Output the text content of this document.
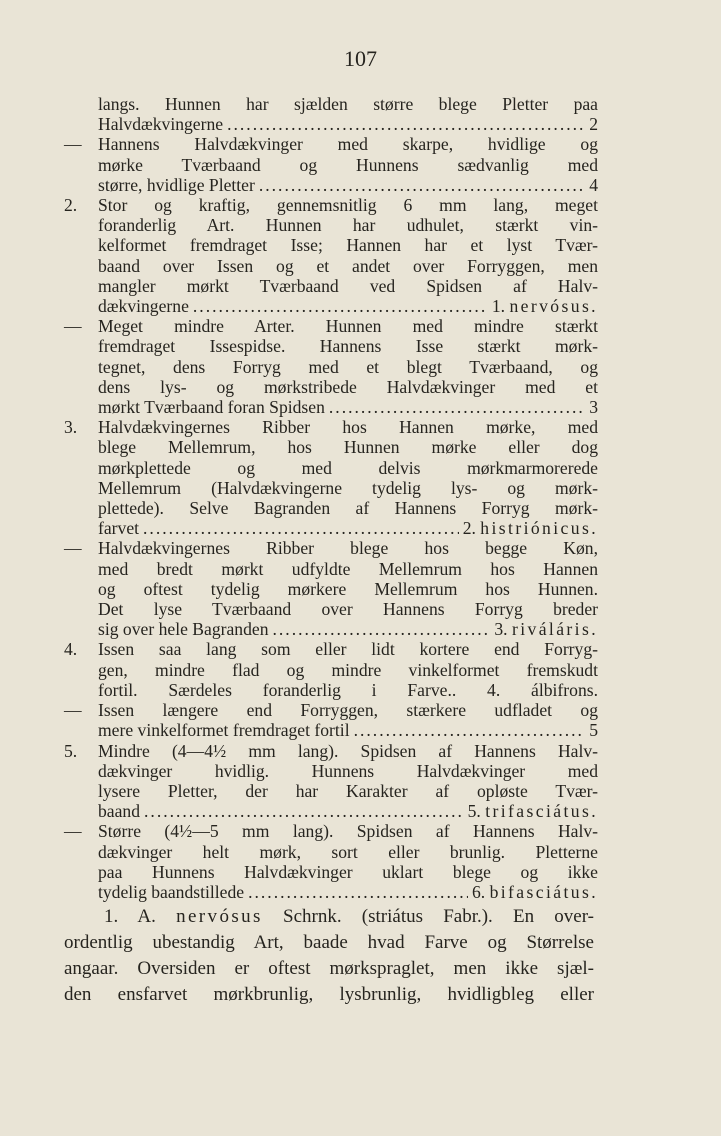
107
langs. Hunnen har sjælden større blege Pletter paa
Halvdækvingerne .....	2
— Hannens Halvdækvinger med skarpe, hvidlige og
mørke Tværbaand og Hunnens sædvanlig med
større, hvidlige Pletter .....	4
2.	Stor og kraftig, gennemsnitlig 6 mm lang, meget
foranderlig Art. Hunnen har udhulet, stærkt vin-
kelformet fremdraget Isse; Hannen har et lyst Tvær-
baand over Issen og et andet over Forryggen, men
mangler mørkt Tværbaand ved Spidsen af Halv-
dækvingerne .....	1. nervósus.
— Meget mindre Arter. Hunnen med mindre stærkt
fremdraget Issespidse. Hannens Isse stærkt mørk-
tegnet, dens Forryg med et blegt Tværbaand, og
dens lys- og mørkstribede Halvdækvinger med et
mørkt Tværbaand foran Spidsen .....	3
3.	Halvdækvingernes Ribber hos Hannen mørke, med
blege Mellemrum, hos Hunnen mørke eller dog
mørkplettede og med delvis mørkmarmorerede
Mellemrum (Halvdækvingerne tydelig lys- og mørk-
plettede). Selve Bagranden af Hannens Forryg mørk-
farvet .....	2. histriónicus.
— Halvdækvingernes Ribber blege hos begge Køn,
med bredt mørkt udfyldte Mellemrum hos Hannen
og oftest tydelig mørkere Mellemrum hos Hunnen.
Det lyse Tværbaand over Hannens Forryg breder
sig over hele Bagranden .....	3. riváláris.
4.	Issen saa lang som eller lidt kortere end Forryg-
gen, mindre flad og mindre vinkelformet fremskudt
fortil. Særdeles foranderlig i Farve.. 4. álbifrons.
— Issen længere end Forryggen, stærkere udfladet og
mere vinkelformet fremdraget fortil .....	5
5.	Mindre (4—4½ mm lang). Spidsen af Hannens Halv-
dækvinger hvidlig. Hunnens Halvdækvinger med
lysere Pletter, der har Karakter af opløste Tvær-
baand .....	5. trifasciátus.
— Større (4½—5 mm lang). Spidsen af Hannens Halv-
dækvinger helt mørk, sort eller brunlig. Pletterne
paa Hunnens Halvdækvinger uklart blege og ikke
tydelig baandstillede .....	6. bifasciátus.
1. A. nervósus Schrnk. (striátus Fabr.). En over-
ordentlig ubestandig Art, baade hvad Farve og Størrelse
angaar. Oversiden er oftest mørkspraglet, men ikke sjæl-
den ensfarvet mørkbrunlig, lysbrunlig, hvidligbleg eller
